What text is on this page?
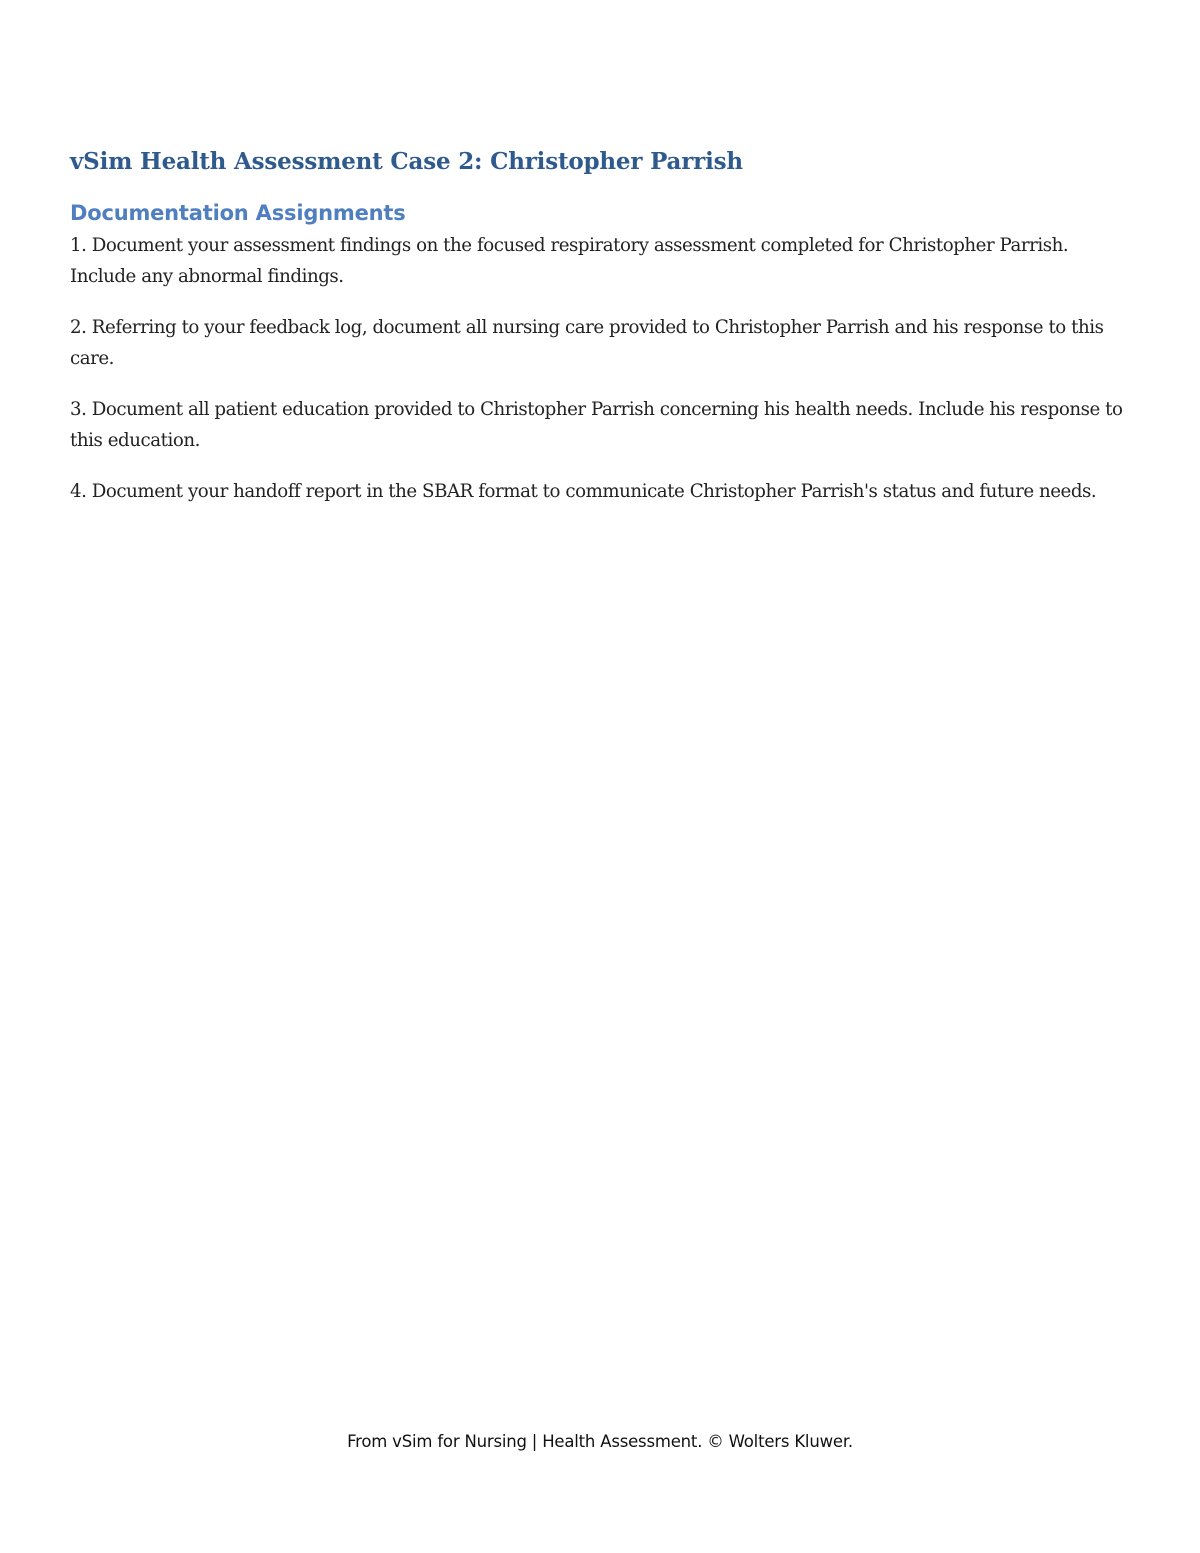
vSim Health Assessment Case 2: Christopher Parrish
Documentation Assignments

1. Document your assessment findings on the focused respiratory assessment completed for Christopher Parrish. Include any abnormal findings.

2. Referring to your feedback log, document all nursing care provided to Christopher Parrish and his response to this care.

3. Document all patient education provided to Christopher Parrish concerning his health needs. Include his response to this education.

4. Document your handoff report in the SBAR format to communicate Christopher Parrish's status and future needs.

From vSim for Nursing | Health Assessment. © Wolters Kluwer.
